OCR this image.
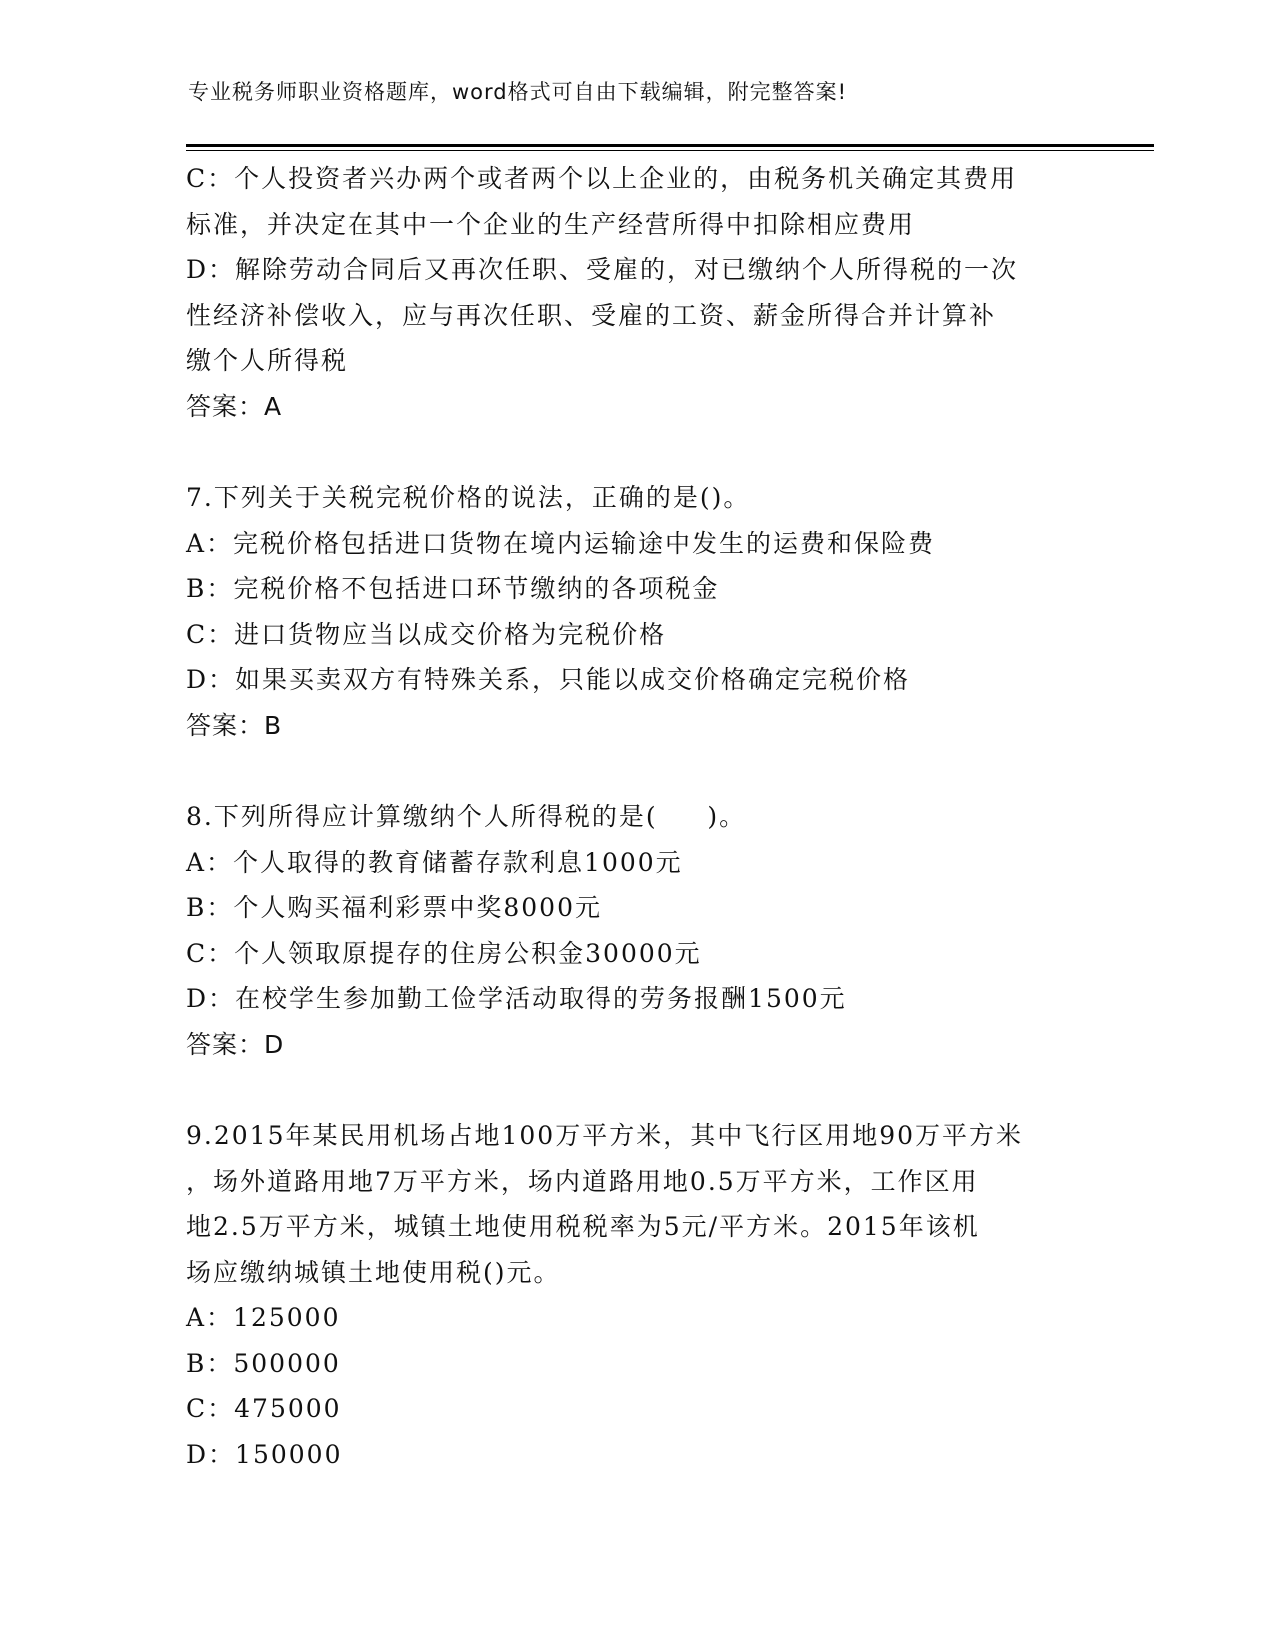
专业税务师职业资格题库，word格式可自由下载编辑，附完整答案!
C：个人投资者兴办两个或者两个以上企业的，由税务机关确定其费用
标准，并决定在其中一个企业的生产经营所得中扣除相应费用
D：解除劳动合同后又再次任职、受雇的，对已缴纳个人所得税的一次
性经济补偿收入，应与再次任职、受雇的工资、薪金所得合并计算补
缴个人所得税
答案：A
7.下列关于关税完税价格的说法，正确的是()。
A：完税价格包括进口货物在境内运输途中发生的运费和保险费
B：完税价格不包括进口环节缴纳的各项税金
C：进口货物应当以成交价格为完税价格
D：如果买卖双方有特殊关系，只能以成交价格确定完税价格
答案：B
8.下列所得应计算缴纳个人所得税的是(     )。
A：个人取得的教育储蓄存款利息1000元
B：个人购买福利彩票中奖8000元
C：个人领取原提存的住房公积金30000元
D：在校学生参加勤工俭学活动取得的劳务报酬1500元
答案：D
9.2015年某民用机场占地100万平方米，其中飞行区用地90万平方米
，场外道路用地7万平方米，场内道路用地0.5万平方米，工作区用
地2.5万平方米，城镇土地使用税税率为5元/平方米。2015年该机
场应缴纳城镇土地使用税()元。
A：125000
B：500000
C：475000
D：150000
